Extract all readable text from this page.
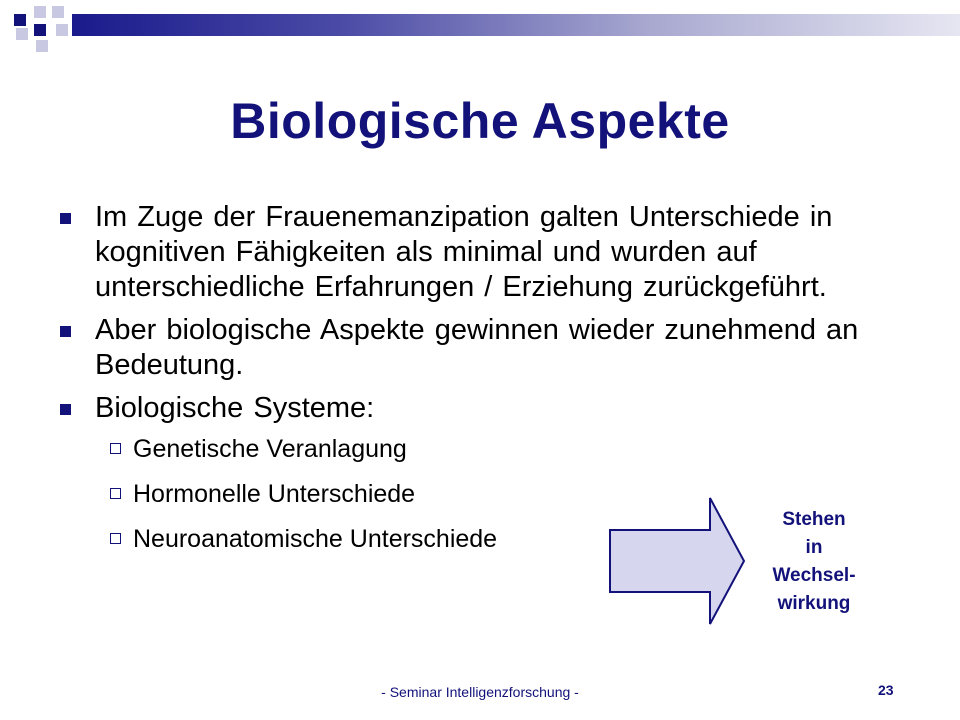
Biologische Aspekte
Im Zuge der Frauenemanzipation galten Unterschiede in kognitiven Fähigkeiten als minimal und wurden auf unterschiedliche Erfahrungen / Erziehung zurückgeführt.
Aber biologische Aspekte gewinnen wieder zunehmend an Bedeutung.
Biologische Systeme:
Genetische Veranlagung
Hormonelle Unterschiede
Neuroanatomische Unterschiede
Stehen
in
Wechsel-
wirkung
- Seminar Intelligenzforschung -	23
